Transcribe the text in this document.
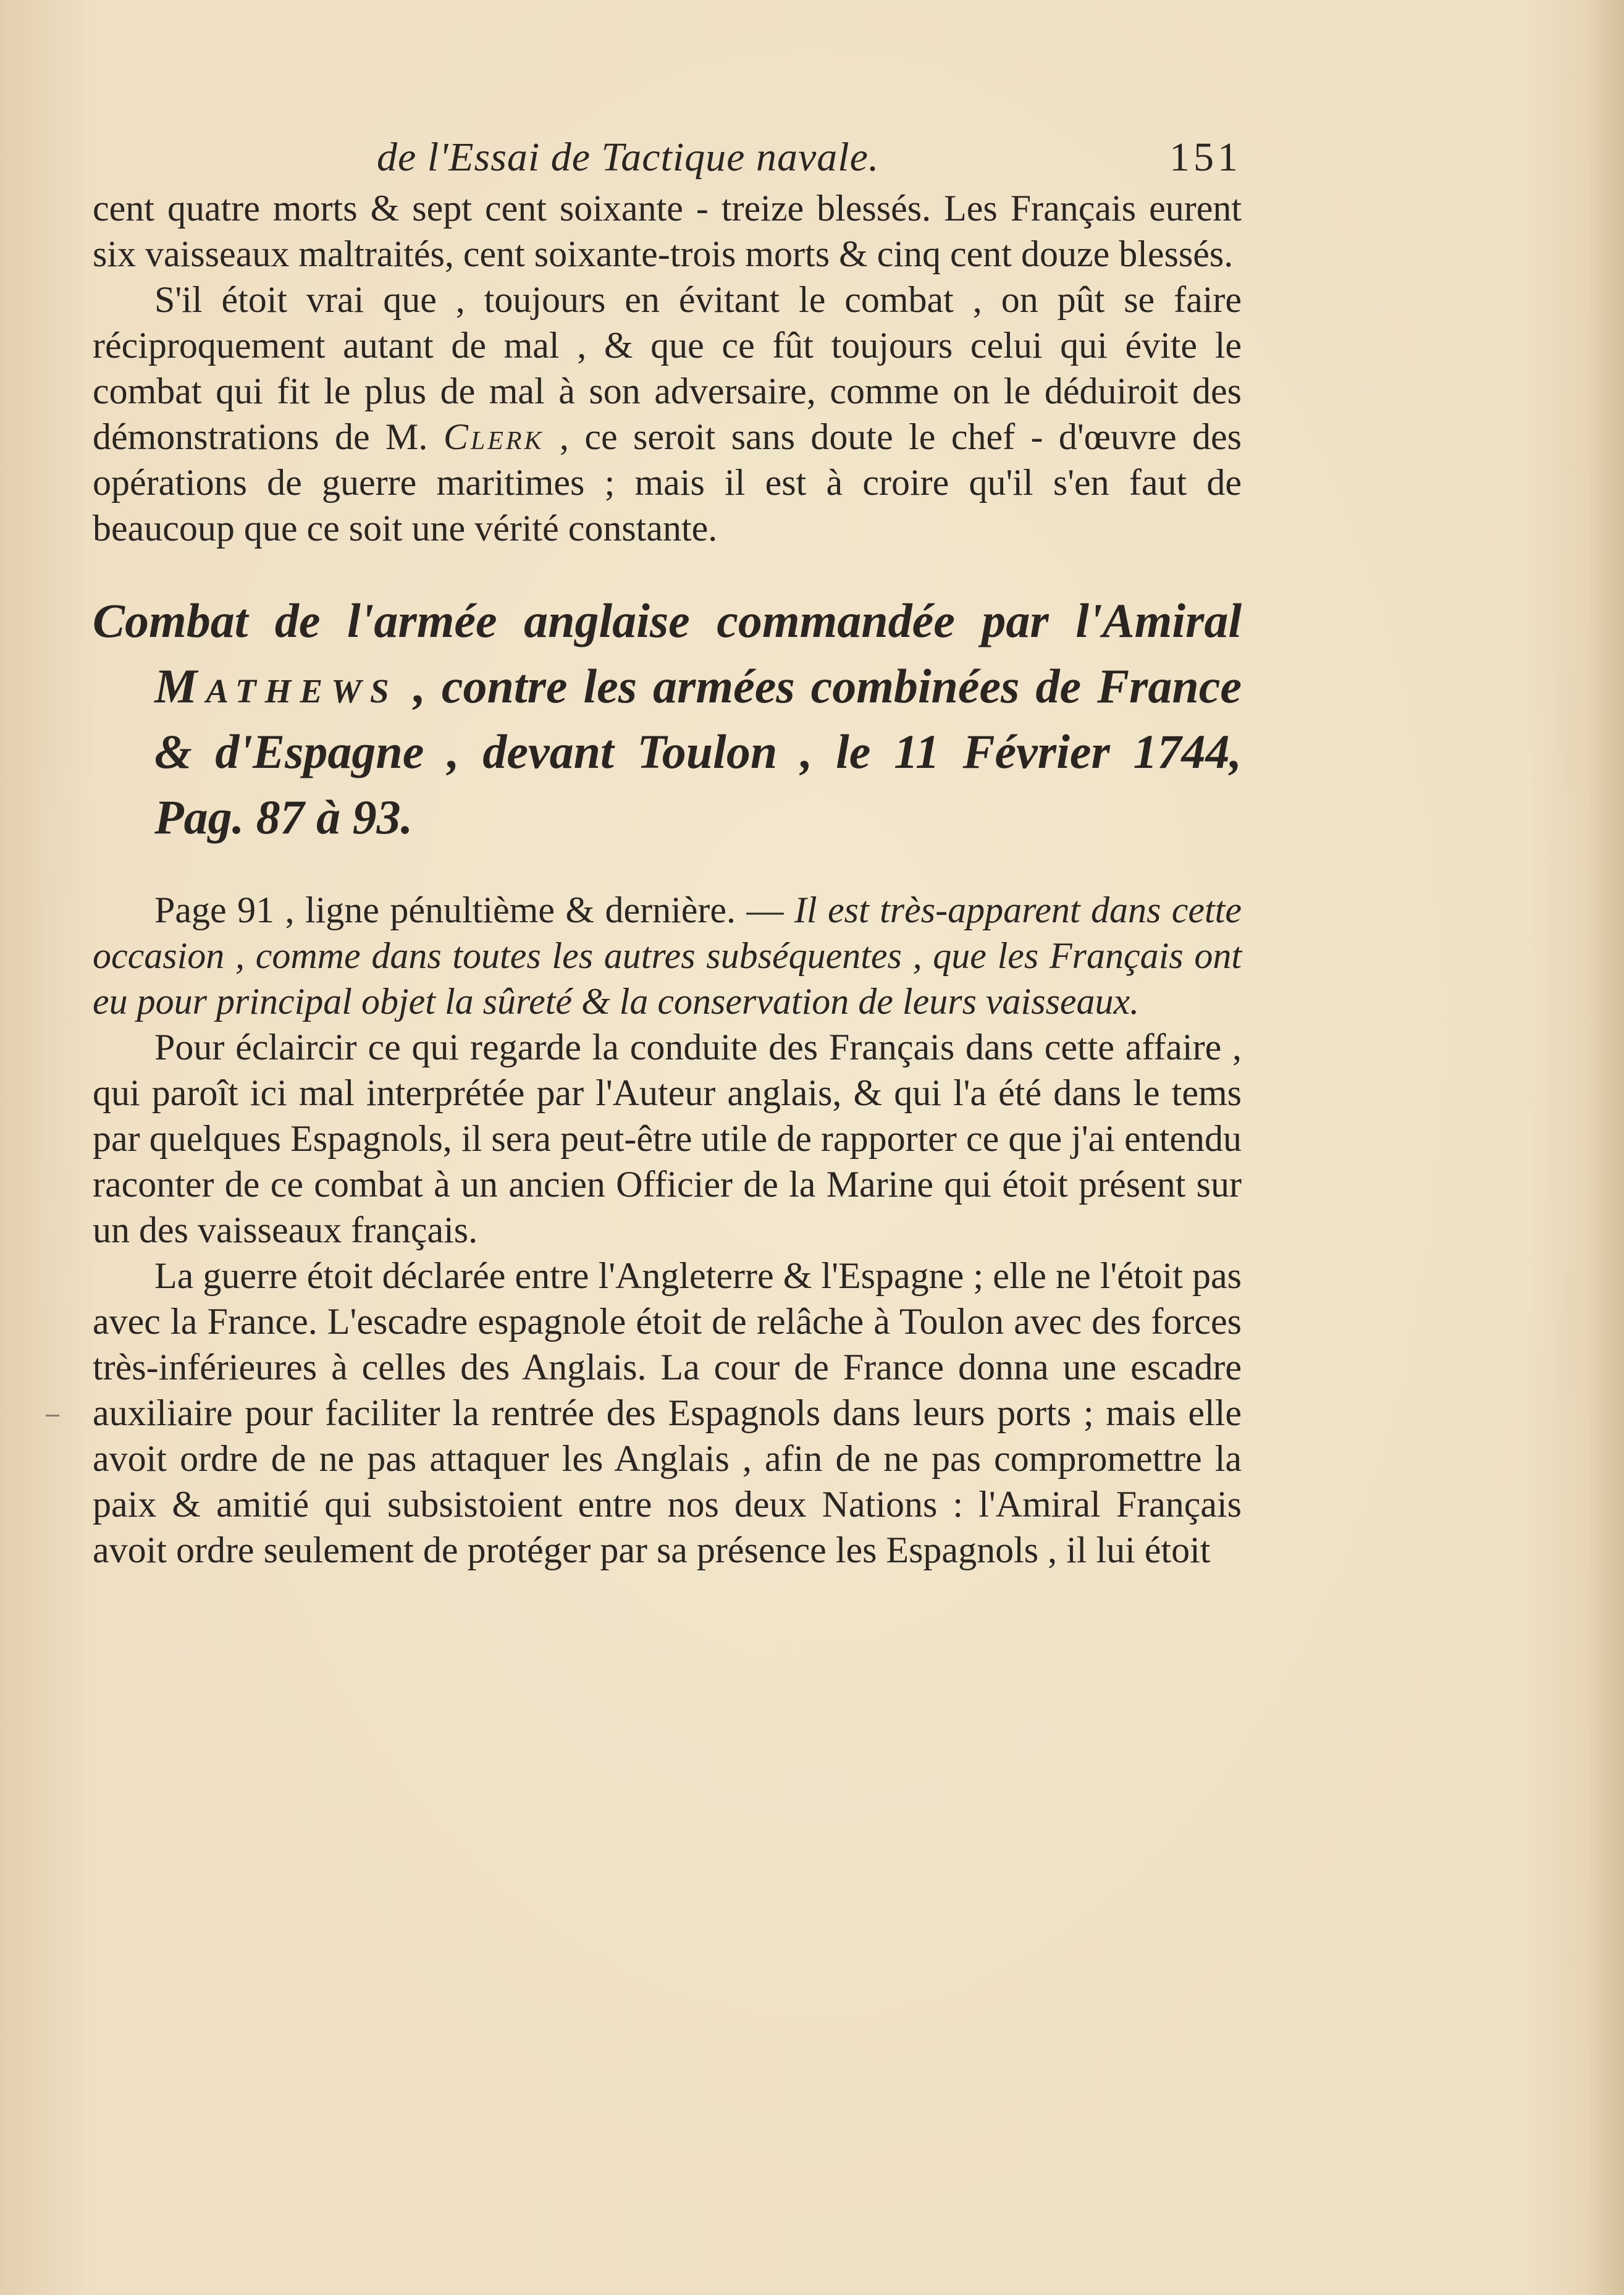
de l'Essai de Tactique navale.	151

cent quatre morts & sept cent soixante - treize blessés. Les Français eurent six vaisseaux maltraités, cent soixante-trois morts & cinq cent douze blessés.

S'il étoit vrai que , toujours en évitant le combat , on pût se faire réciproquement autant de mal , & que ce fût toujours celui qui évite le combat qui fit le plus de mal à son adversaire, comme on le déduiroit des démonstrations de M. Clerk , ce seroit sans doute le chef - d'œuvre des opérations de guerre maritimes ; mais il est à croire qu'il s'en faut de beaucoup que ce soit une vérité constante.

Combat de l'armée anglaise commandée par l'Amiral Mathews , contre les armées combinées de France & d'Espagne , devant Toulon , le 11 Février 1744, Pag. 87 à 93.

Page 91 , ligne pénultième & dernière. — Il est très-apparent dans cette occasion , comme dans toutes les autres subséquentes , que les Français ont eu pour principal objet la sûreté & la conservation de leurs vaisseaux.

Pour éclaircir ce qui regarde la conduite des Français dans cette affaire , qui paroît ici mal interprétée par l'Auteur anglais, & qui l'a été dans le tems par quelques Espagnols, il sera peut-être utile de rapporter ce que j'ai entendu raconter de ce combat à un ancien Officier de la Marine qui étoit présent sur un des vaisseaux français.

La guerre étoit déclarée entre l'Angleterre & l'Espagne ; elle ne l'étoit pas avec la France. L'escadre espagnole étoit de relâche à Toulon avec des forces très-inférieures à celles des Anglais. La cour de France donna une escadre auxiliaire pour faciliter la rentrée des Espagnols dans leurs ports ; mais elle avoit ordre de ne pas attaquer les Anglais , afin de ne pas compromettre la paix & amitié qui subsistoient entre nos deux Nations : l'Amiral Français avoit ordre seulement de protéger par sa présence les Espagnols , il lui étoit
